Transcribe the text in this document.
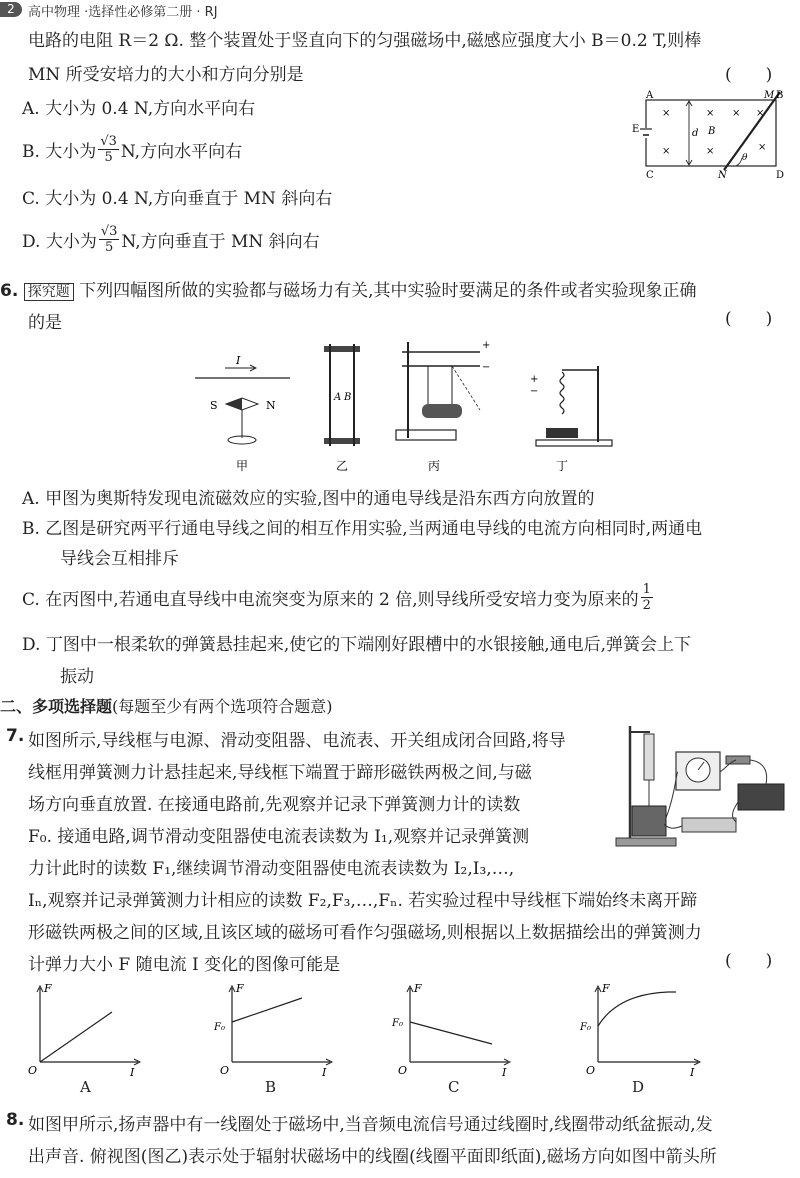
2	高中物理 ·选择性必修第二册 · RJ
电路的电阻 R＝2 Ω. 整个装置处于竖直向下的匀强磁场中,磁感应强度大小 B＝0.2 T,则棒
MN 所受安培力的大小和方向分别是	(　　)
A. 大小为 0.4 N,方向水平向右
B. 大小为 $\frac{√3}{5} N$,方向水平向右
C. 大小为 0.4 N,方向垂直于 MN 斜向右
D. 大小为 $\frac{√3}{5} N$,方向垂直于 MN 斜向右
A	B
C	D
M
N
E	d B
θ
×
×
×
×
× ×
×
6. 探究题 下列四幅图所做的实验都与磁场力有关,其中实验时要满足的条件或者实验现象正确
的是	(　　)
I
S	N
甲
A B
乙
+
−
丙
+
−
丁
A. 甲图为奥斯特发现电流磁效应的实验,图中的通电导线是沿东西方向放置的
B. 乙图是研究两平行通电导线之间的相互作用实验,当两通电导线的电流方向相同时,两通电
导线会互相排斥
C. 在丙图中,若通电直导线中电流突变为原来的 2 倍,则导线所受安培力变为原来的 $\frac{1}{2}$
D. 丁图中一根柔软的弹簧悬挂起来,使它的下端刚好跟槽中的水银接触,通电后,弹簧会上下
振动
二、多项选择题(每题至少有两个选项符合题意)
7. 如图所示,导线框与电源、滑动变阻器、电流表、开关组成闭合回路,将导
线框用弹簧测力计悬挂起来,导线框下端置于蹄形磁铁两极之间,与磁
场方向垂直放置. 在接通电路前,先观察并记录下弹簧测力计的读数
F₀. 接通电路,调节滑动变阻器使电流表读数为 I₁,观察并记录弹簧测
力计此时的读数 F₁,继续调节滑动变阻器使电流表读数为 I₂,I₃,…,
Iₙ,观察并记录弹簧测力计相应的读数 F₂,F₃,…,Fₙ. 若实验过程中导线框下端始终未离开蹄
形磁铁两极之间的区域,且该区域的磁场可看作匀强磁场,则根据以上数据描绘出的弹簧测力
计弹力大小 F 随电流 I 变化的图像可能是	(　　)
F
I
O
F
I
O
F₀
F
I
O
F₀
F
I
O
F₀
A	B	C	D
8. 如图甲所示,扬声器中有一线圈处于磁场中,当音频电流信号通过线圈时,线圈带动纸盆振动,发
出声音. 俯视图(图乙)表示处于辐射状磁场中的线圈(线圈平面即纸面),磁场方向如图中箭头所
